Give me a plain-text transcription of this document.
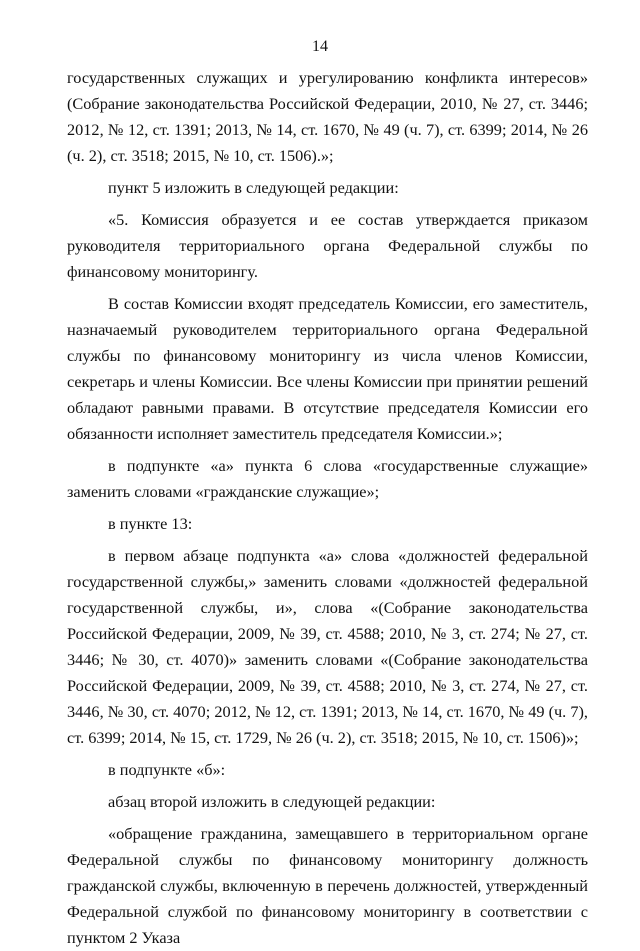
14

государственных служащих и урегулированию конфликта интересов» (Собрание законодательства Российской Федерации, 2010, № 27, ст. 3446; 2012, № 12, ст. 1391; 2013, № 14, ст. 1670, № 49 (ч. 7), ст. 6399; 2014, № 26 (ч. 2), ст. 3518; 2015, № 10, ст. 1506).»;

пункт 5 изложить в следующей редакции:

«5. Комиссия образуется и ее состав утверждается приказом руководителя территориального органа Федеральной службы по финансовому мониторингу.

В состав Комиссии входят председатель Комиссии, его заместитель, назначаемый руководителем территориального органа Федеральной службы по финансовому мониторингу из числа членов Комиссии, секретарь и члены Комиссии. Все члены Комиссии при принятии решений обладают равными правами. В отсутствие председателя Комиссии его обязанности исполняет заместитель председателя Комиссии.»;

в подпункте «а» пункта 6 слова «государственные служащие» заменить словами «гражданские служащие»;

в пункте 13:

в первом абзаце подпункта «а» слова «должностей федеральной государственной службы,» заменить словами «должностей федеральной государственной службы, и», слова «(Собрание законодательства Российской Федерации, 2009, № 39, ст. 4588; 2010, № 3, ст. 274; № 27, ст. 3446; № 30, ст. 4070)» заменить словами «(Собрание законодательства Российской Федерации, 2009, № 39, ст. 4588; 2010, № 3, ст. 274, № 27, ст. 3446, № 30, ст. 4070; 2012, № 12, ст. 1391; 2013, № 14, ст. 1670, № 49 (ч. 7), ст. 6399; 2014, № 15, ст. 1729, № 26 (ч. 2), ст. 3518; 2015, № 10, ст. 1506)»;

в подпункте «б»:

абзац второй изложить в следующей редакции:

«обращение гражданина, замещавшего в территориальном органе Федеральной службы по финансовому мониторингу должность гражданской службы, включенную в перечень должностей, утвержденный Федеральной службой по финансовому мониторингу в соответствии с пунктом 2 Указа
